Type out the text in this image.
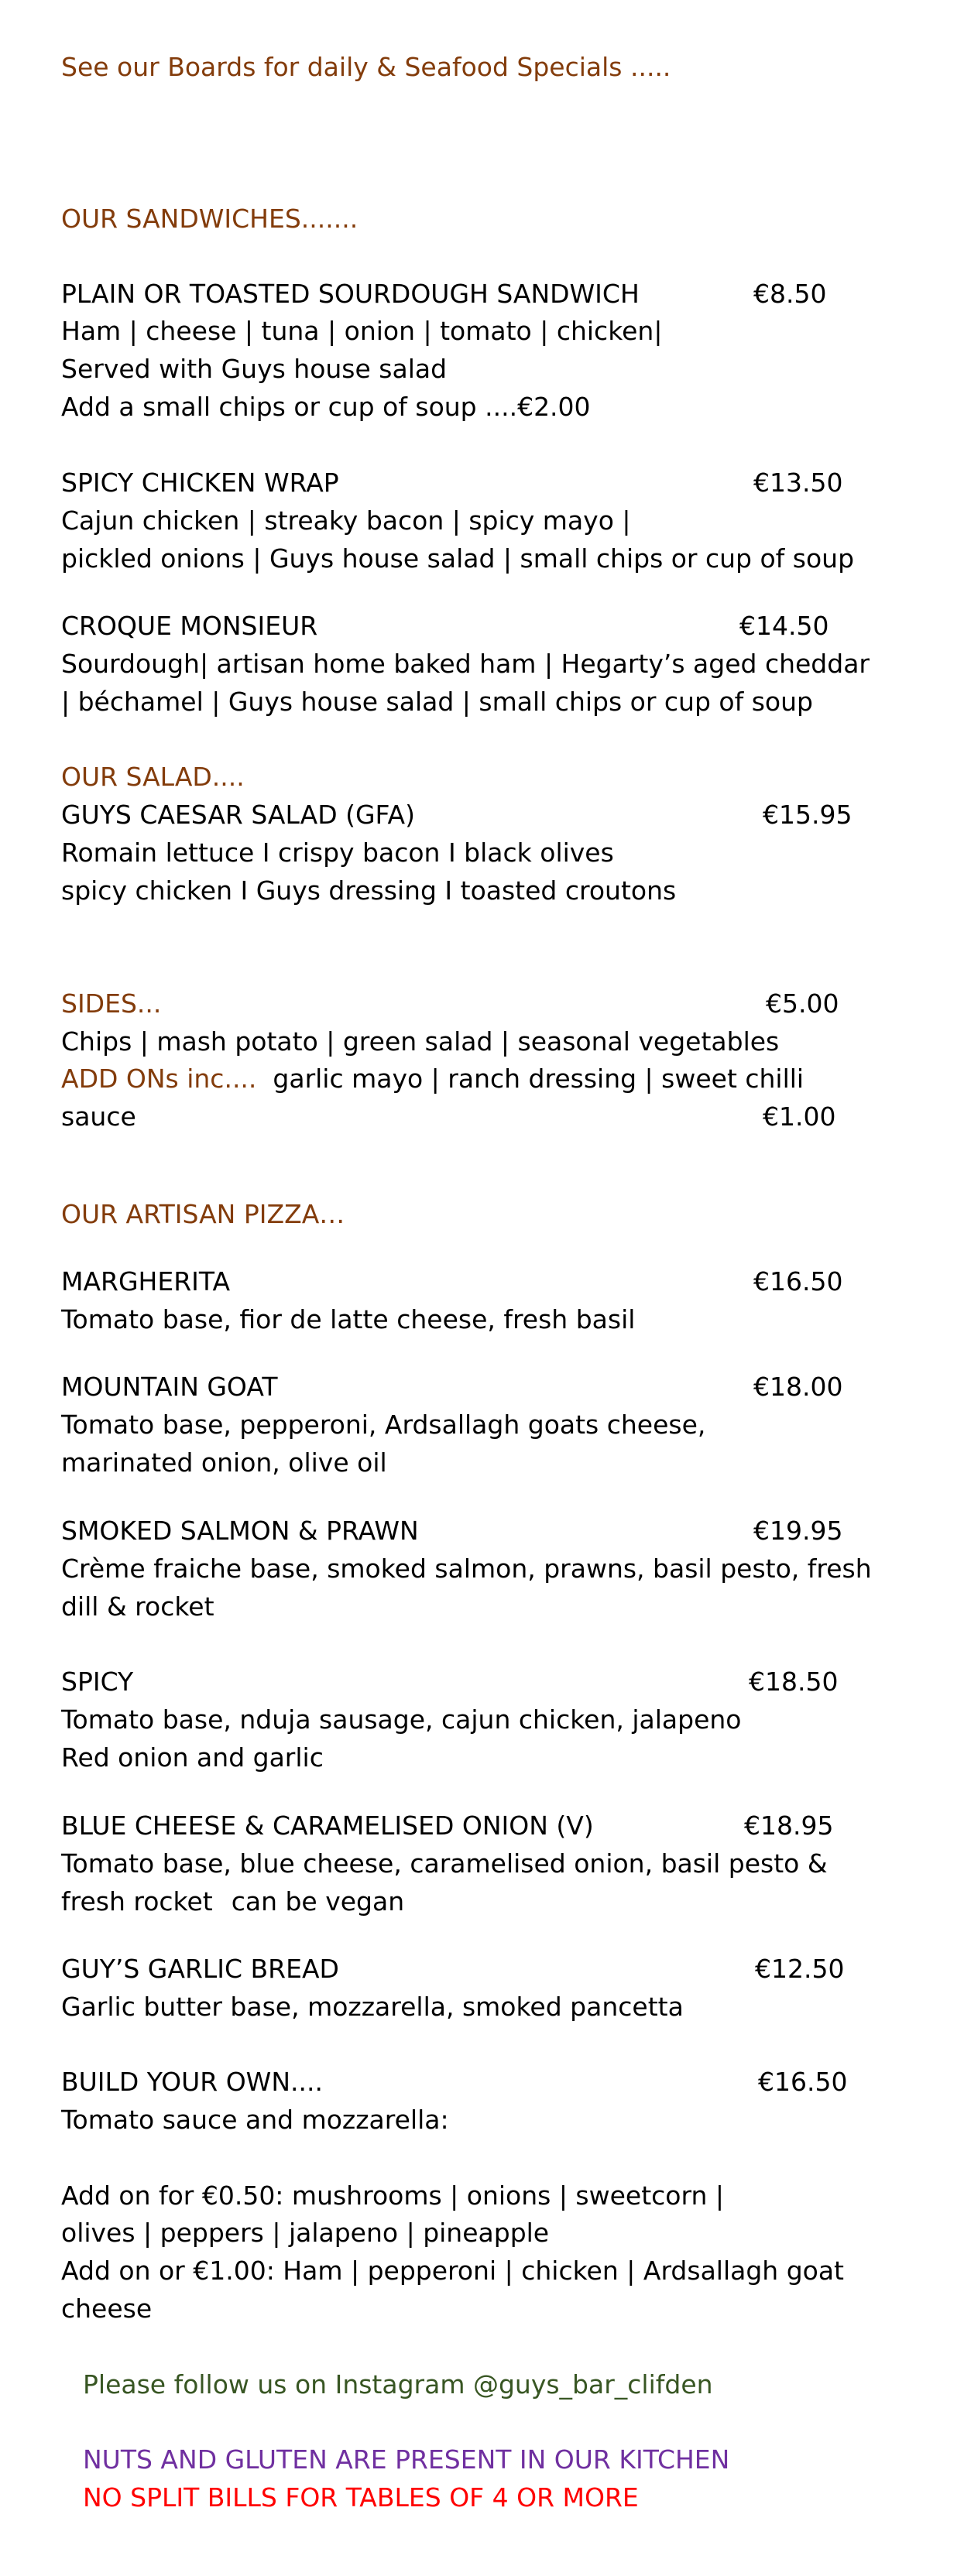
See our Boards for daily & Seafood Specials .....
OUR SANDWICHES.......
PLAIN OR TOASTED SOURDOUGH SANDWICH	€8.50
Ham | cheese | tuna | onion | tomato | chicken|
Served with Guys house salad
Add a small chips or cup of soup ....€2.00
SPICY CHICKEN WRAP	€13.50
Cajun chicken | streaky bacon | spicy mayo |
pickled onions | Guys house salad | small chips or cup of soup
CROQUE MONSIEUR	€14.50
Sourdough| artisan home baked ham | Hegarty’s aged cheddar
| béchamel | Guys house salad | small chips or cup of soup
OUR SALAD....
GUYS CAESAR SALAD (GFA)	€15.95
Romain lettuce I crispy bacon I black olives
spicy chicken I Guys dressing I toasted croutons
SIDES...	€5.00
Chips | mash potato | green salad | seasonal vegetables
ADD ONs inc....  garlic mayo | ranch dressing | sweet chilli
sauce	€1.00
OUR ARTISAN PIZZA…
MARGHERITA	€16.50
Tomato base, fior de latte cheese, fresh basil
MOUNTAIN GOAT	€18.00
Tomato base, pepperoni, Ardsallagh goats cheese,
marinated onion, olive oil
SMOKED SALMON & PRAWN	€19.95
Crème fraiche base, smoked salmon, prawns, basil pesto, fresh
dill & rocket
SPICY	€18.50
Tomato base, nduja sausage, cajun chicken, jalapeno
Red onion and garlic
BLUE CHEESE & CARAMELISED ONION (V)	€18.95
Tomato base, blue cheese, caramelised onion, basil pesto &
fresh rocket can be vegan
GUY’S GARLIC BREAD	€12.50
Garlic butter base, mozzarella, smoked pancetta
BUILD YOUR OWN....	€16.50
Tomato sauce and mozzarella:
Add on for €0.50: mushrooms | onions | sweetcorn |
olives | peppers | jalapeno | pineapple
Add on or €1.00: Ham | pepperoni | chicken | Ardsallagh goat
cheese
Please follow us on Instagram @guys_bar_clifden
NUTS AND GLUTEN ARE PRESENT IN OUR KITCHEN
NO SPLIT BILLS FOR TABLES OF 4 OR MORE
